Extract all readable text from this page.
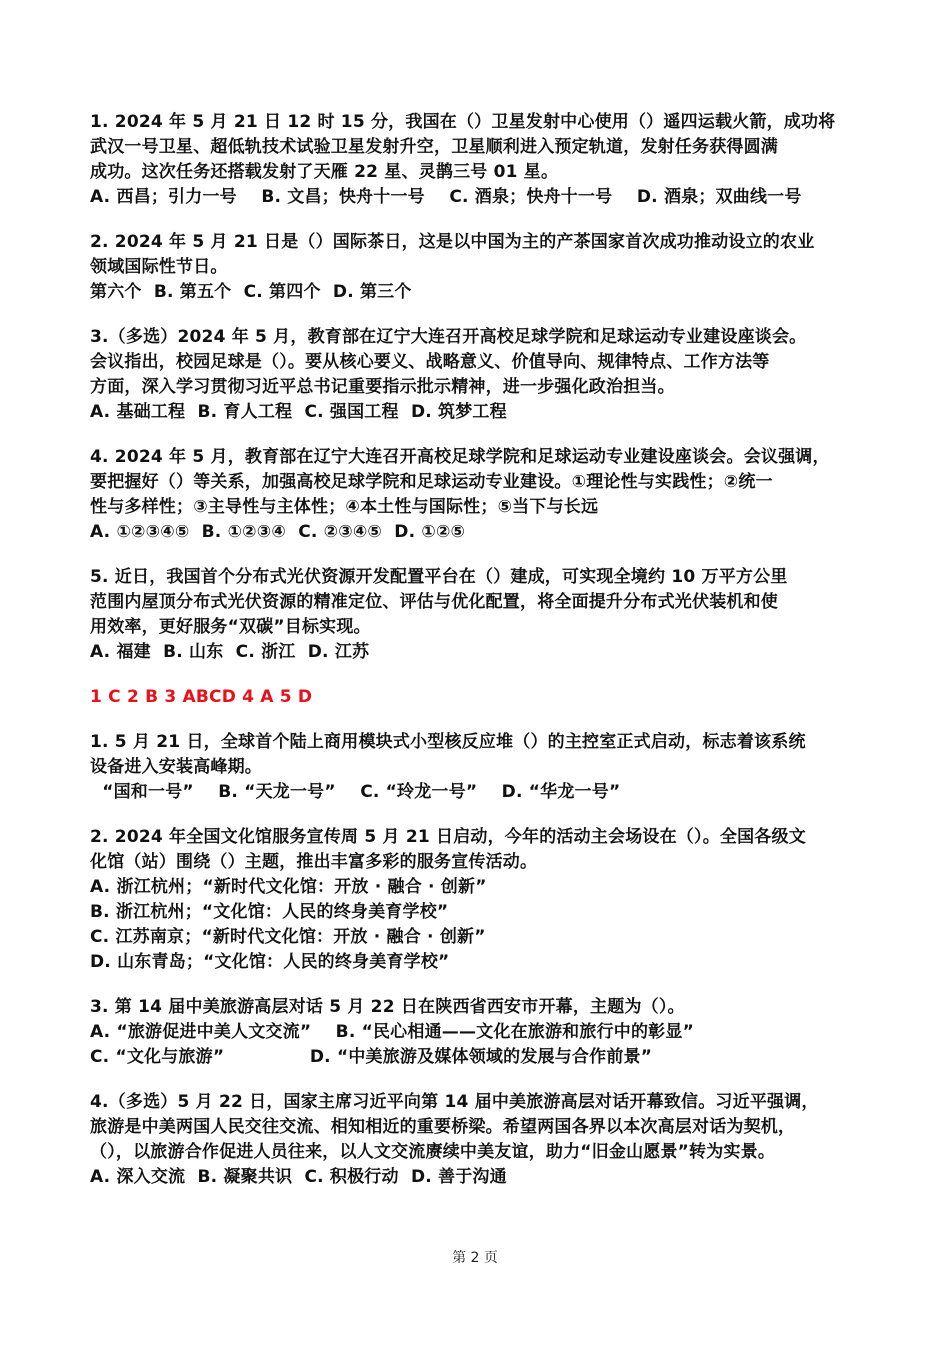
1. 2024 年 5 月 21 日 12 时 15 分，我国在（）卫星发射中心使用（）遥四运载火箭，成功将
武汉一号卫星、超低轨技术试验卫星发射升空，卫星顺利进入预定轨道，发射任务获得圆满
成功。这次任务还搭载发射了天雁 22 星、灵鹊三号 01 星。
A. 西昌；引力一号    B. 文昌；快舟十一号    C. 酒泉；快舟十一号    D. 酒泉；双曲线一号
2. 2024 年 5 月 21 日是（）国际茶日，这是以中国为主的产茶国家首次成功推动设立的农业
领域国际性节日。
第六个  B. 第五个  C. 第四个  D. 第三个
3.（多选）2024 年 5 月，教育部在辽宁大连召开高校足球学院和足球运动专业建设座谈会。
会议指出，校园足球是（）。要从核心要义、战略意义、价值导向、规律特点、工作方法等
方面，深入学习贯彻习近平总书记重要指示批示精神，进一步强化政治担当。
A. 基础工程  B. 育人工程  C. 强国工程  D. 筑梦工程
4. 2024 年 5 月，教育部在辽宁大连召开高校足球学院和足球运动专业建设座谈会。会议强调，
要把握好（）等关系，加强高校足球学院和足球运动专业建设。①理论性与实践性；②统一
性与多样性；③主导性与主体性；④本土性与国际性；⑤当下与长远
A. ①②③④⑤  B. ①②③④  C. ②③④⑤  D. ①②⑤
5. 近日，我国首个分布式光伏资源开发配置平台在（）建成，可实现全境约 10 万平方公里
范围内屋顶分布式光伏资源的精准定位、评估与优化配置，将全面提升分布式光伏装机和使
用效率，更好服务“双碳”目标实现。
A. 福建  B. 山东  C. 浙江  D. 江苏
1 C 2 B 3 ABCD 4 A 5 D
1. 5 月 21 日，全球首个陆上商用模块式小型核反应堆（）的主控室正式启动，标志着该系统
设备进入安装高峰期。
“国和一号”    B. “天龙一号”    C. “玲龙一号”    D. “华龙一号”
2. 2024 年全国文化馆服务宣传周 5 月 21 日启动，今年的活动主会场设在（）。全国各级文
化馆（站）围绕（）主题，推出丰富多彩的服务宣传活动。
A. 浙江杭州；“新时代文化馆：开放 · 融合 · 创新”
B. 浙江杭州；“文化馆：人民的终身美育学校”
C. 江苏南京；“新时代文化馆：开放 · 融合 · 创新”
D. 山东青岛；“文化馆：人民的终身美育学校”
3. 第 14 届中美旅游高层对话 5 月 22 日在陕西省西安市开幕，主题为（）。
A. “旅游促进中美人文交流”    B. “民心相通——文化在旅游和旅行中的彰显”
C. “文化与旅游”              D. “中美旅游及媒体领域的发展与合作前景”
4.（多选）5 月 22 日，国家主席习近平向第 14 届中美旅游高层对话开幕致信。习近平强调，
旅游是中美两国人民交往交流、相知相近的重要桥梁。希望两国各界以本次高层对话为契机，
（），以旅游合作促进人员往来，以人文交流赓续中美友谊，助力“旧金山愿景”转为实景。
A. 深入交流  B. 凝聚共识  C. 积极行动  D. 善于沟通
第 2 页
